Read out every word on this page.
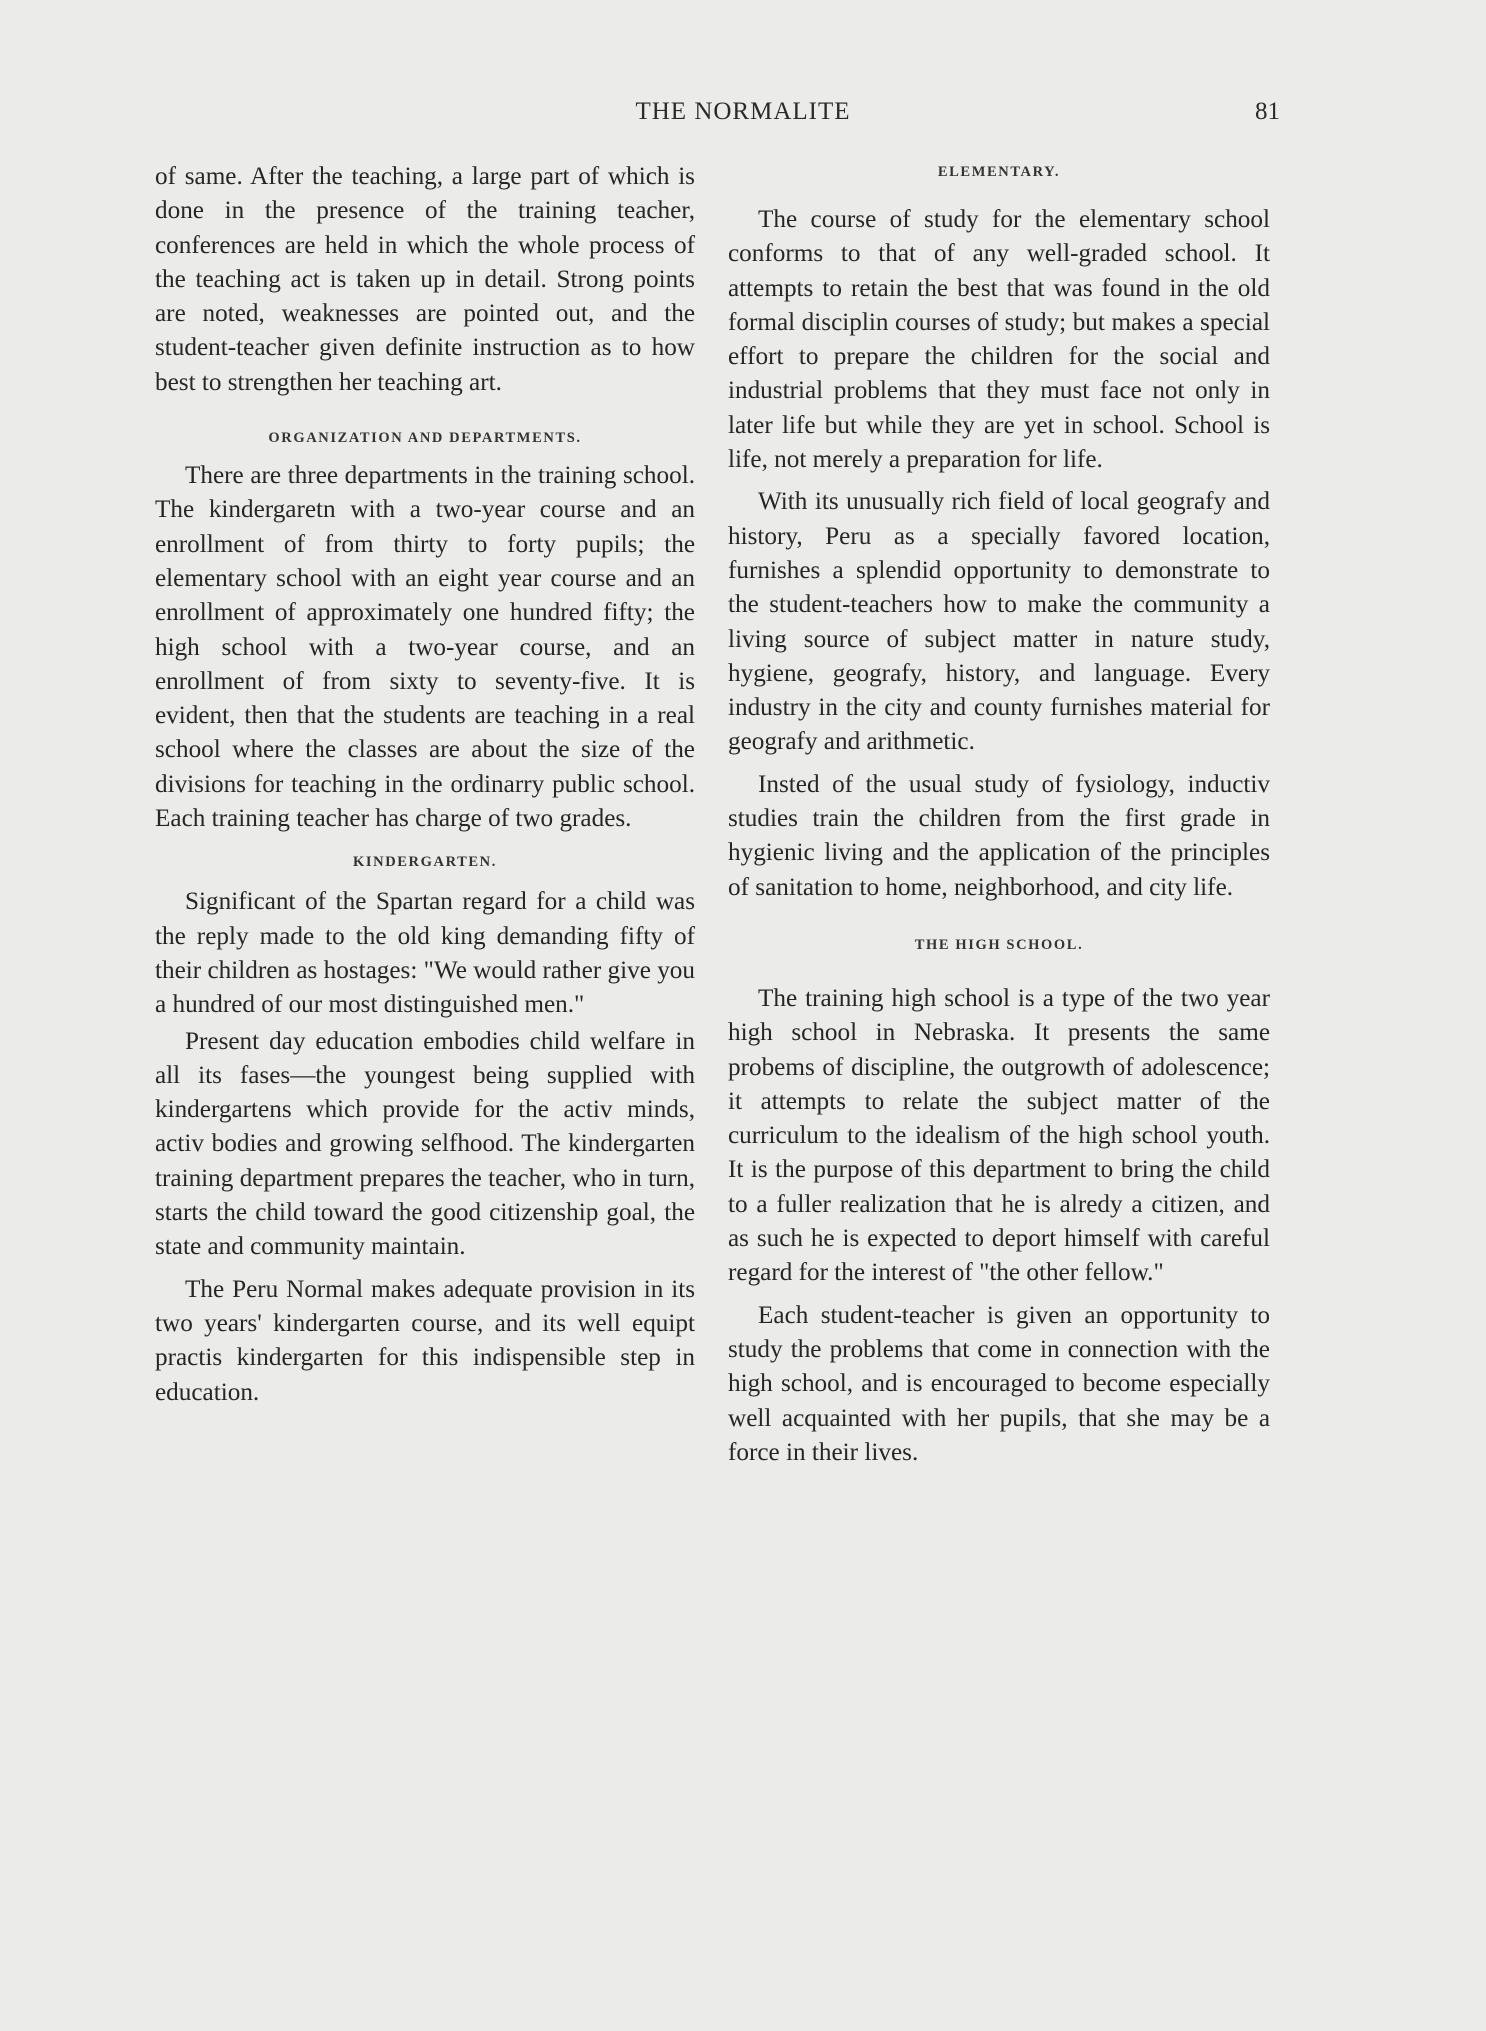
THE NORMALITE	81

of same. After the teaching, a large part of which is done in the presence of the training teacher, conferences are held in which the whole process of the teaching act is taken up in detail. Strong points are noted, weaknesses are pointed out, and the student-teacher given definite instruction as to how best to strengthen her teaching art.

ORGANIZATION AND DEPARTMENTS.

There are three departments in the training school. The kindergaretn with a two-year course and an enrollment of from thirty to forty pupils; the elementary school with an eight year course and an enrollment of approximately one hundred fifty; the high school with a two-year course, and an enrollment of from sixty to seventy-five. It is evident, then that the students are teaching in a real school where the classes are about the size of the divisions for teaching in the ordinarry public school. Each training teacher has charge of two grades.

KINDERGARTEN.

Significant of the Spartan regard for a child was the reply made to the old king demanding fifty of their children as hostages: "We would rather give you a hundred of our most distinguished men."

Present day education embodies child welfare in all its fases—the youngest being supplied with kindergartens which provide for the activ minds, activ bodies and growing selfhood. The kindergarten training department prepares the teacher, who in turn, starts the child toward the good citizenship goal, the state and community maintain.

The Peru Normal makes adequate provision in its two years' kindergarten course, and its well equipt practis kindergarten for this indispensible step in education.

ELEMENTARY.

The course of study for the elementary school conforms to that of any well-graded school. It attempts to retain the best that was found in the old formal disciplin courses of study; but makes a special effort to prepare the children for the social and industrial problems that they must face not only in later life but while they are yet in school. School is life, not merely a preparation for life.

With its unusually rich field of local geografy and history, Peru as a specially favored location, furnishes a splendid opportunity to demonstrate to the student-teachers how to make the community a living source of subject matter in nature study, hygiene, geografy, history, and language. Every industry in the city and county furnishes material for geografy and arithmetic.

Insted of the usual study of fysiology, inductiv studies train the children from the first grade in hygienic living and the application of the principles of sanitation to home, neighborhood, and city life.

THE HIGH SCHOOL.

The training high school is a type of the two year high school in Nebraska. It presents the same probems of discipline, the outgrowth of adolescence; it attempts to relate the subject matter of the curriculum to the idealism of the high school youth. It is the purpose of this department to bring the child to a fuller realization that he is alredy a citizen, and as such he is expected to deport himself with careful regard for the interest of "the other fellow."

Each student-teacher is given an opportunity to study the problems that come in connection with the high school, and is encouraged to become especially well acquainted with her pupils, that she may be a force in their lives.
